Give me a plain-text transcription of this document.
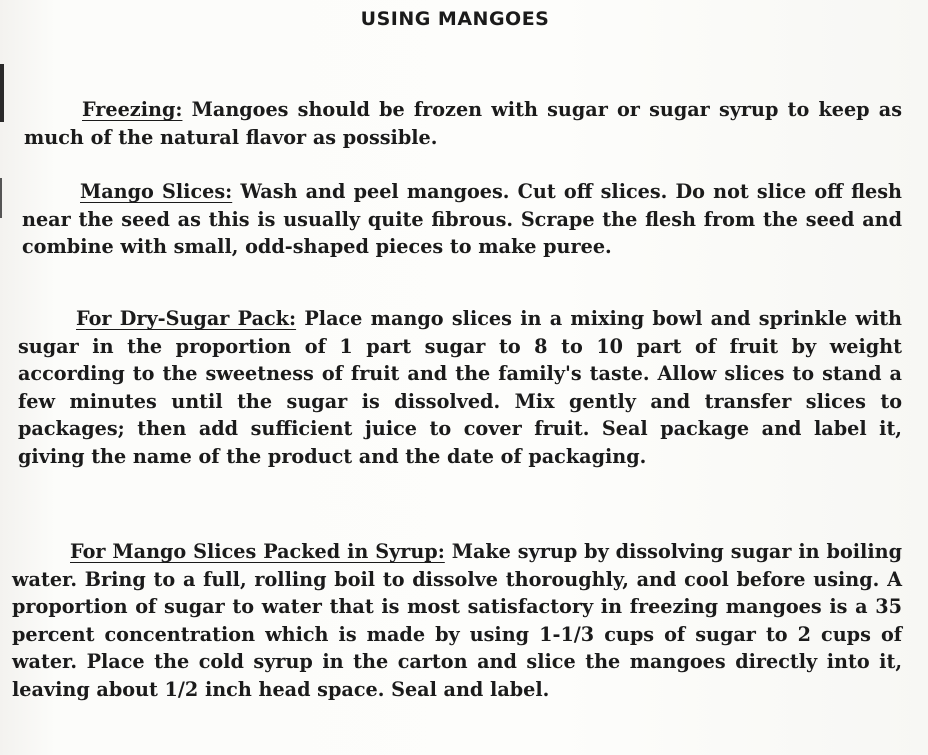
USING MANGOES

Freezing: Mangoes should be frozen with sugar or sugar syrup to keep as much of the natural flavor as possible.

Mango Slices: Wash and peel mangoes. Cut off slices. Do not slice off flesh near the seed as this is usually quite fibrous. Scrape the flesh from the seed and combine with small, odd-shaped pieces to make puree.

For Dry-Sugar Pack: Place mango slices in a mixing bowl and sprinkle with sugar in the proportion of 1 part sugar to 8 to 10 part of fruit by weight according to the sweetness of fruit and the family's taste. Allow slices to stand a few minutes until the sugar is dissolved. Mix gently and transfer slices to packages; then add sufficient juice to cover fruit. Seal package and label it, giving the name of the product and the date of packaging.

For Mango Slices Packed in Syrup: Make syrup by dissolving sugar in boiling water. Bring to a full, rolling boil to dissolve thoroughly, and cool before using. A proportion of sugar to water that is most satisfactory in freezing mangoes is a 35 percent concentration which is made by using 1-1/3 cups of sugar to 2 cups of water. Place the cold syrup in the carton and slice the mangoes directly into it, leaving about 1/2 inch head space. Seal and label.
